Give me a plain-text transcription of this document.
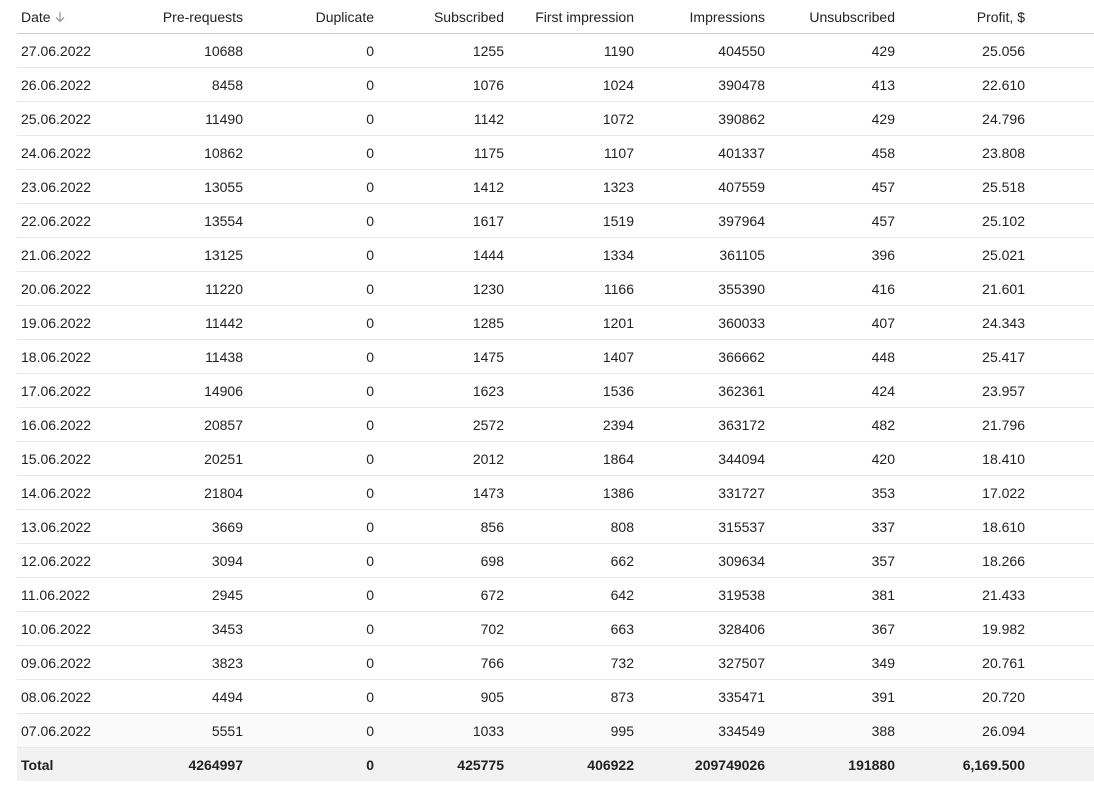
Date	Pre-requests	Duplicate	Subscribed	First impression	Impressions	Unsubscribed	Profit, $	
27.06.2022	10688	0	1255	1190	404550	429	25.056	
26.06.2022	8458	0	1076	1024	390478	413	22.610	
25.06.2022	11490	0	1142	1072	390862	429	24.796	
24.06.2022	10862	0	1175	1107	401337	458	23.808	
23.06.2022	13055	0	1412	1323	407559	457	25.518	
22.06.2022	13554	0	1617	1519	397964	457	25.102	
21.06.2022	13125	0	1444	1334	361105	396	25.021	
20.06.2022	11220	0	1230	1166	355390	416	21.601	
19.06.2022	11442	0	1285	1201	360033	407	24.343	
18.06.2022	11438	0	1475	1407	366662	448	25.417	
17.06.2022	14906	0	1623	1536	362361	424	23.957	
16.06.2022	20857	0	2572	2394	363172	482	21.796	
15.06.2022	20251	0	2012	1864	344094	420	18.410	
14.06.2022	21804	0	1473	1386	331727	353	17.022	
13.06.2022	3669	0	856	808	315537	337	18.610	
12.06.2022	3094	0	698	662	309634	357	18.266	
11.06.2022	2945	0	672	642	319538	381	21.433	
10.06.2022	3453	0	702	663	328406	367	19.982	
09.06.2022	3823	0	766	732	327507	349	20.761	
08.06.2022	4494	0	905	873	335471	391	20.720	
07.06.2022	5551	0	1033	995	334549	388	26.094	
Total	4264997	0	425775	406922	209749026	191880	6,169.500	
